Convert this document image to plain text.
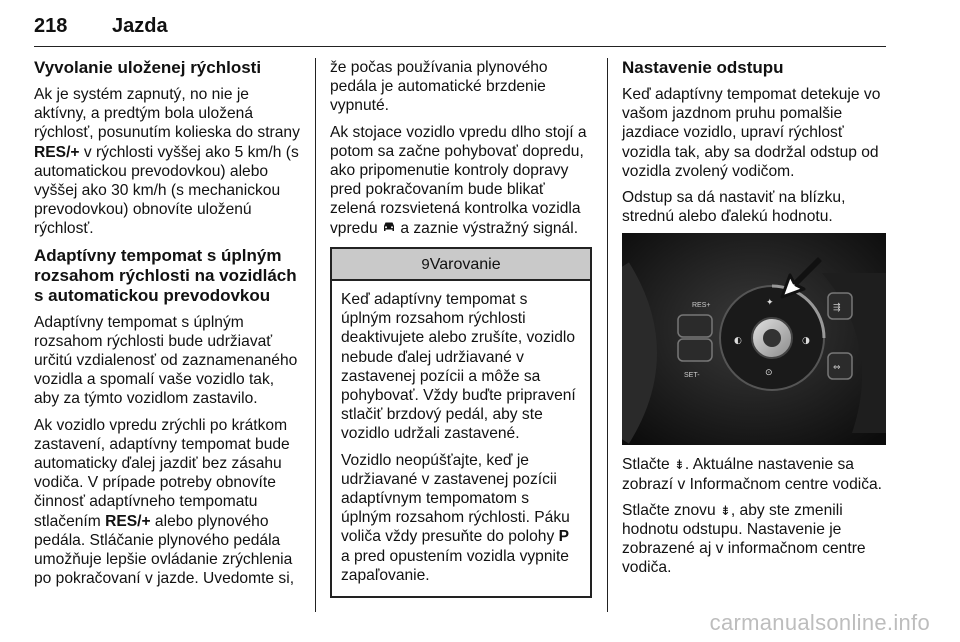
218 Jazda
Vyvolanie uloženej rýchlosti

Ak je systém zapnutý, no nie je aktívny, a predtým bola uložená rýchlosť, posunutím kolieska do strany RES/+ v rýchlosti vyššej ako 5 km/h (s automatickou prevodovkou) alebo vyššej ako 30 km/h (s mechanickou prevodovkou) obnovíte uloženú rýchlosť.

Adaptívny tempomat s úplným rozsahom rýchlosti na vozidlách s automatickou prevodovkou

Adaptívny tempomat s úplným rozsahom rýchlosti bude udržiavať určitú vzdialenosť od zaznamenaného vozidla a spomalí vaše vozidlo tak, aby za týmto vozidlom zastavilo.

Ak vozidlo vpredu zrýchli po krátkom zastavení, adaptívny tempomat bude automaticky ďalej jazdiť bez zásahu vodiča. V prípade potreby obnovíte činnosť adaptívneho tempomatu stlačením RES/+ alebo plynového pedála. Stláčanie plynového pedála umožňuje lepšie ovládanie zrýchlenia po pokračovaní v jazde. Uvedomte si,

že počas používania plynového pedála je automatické brzdenie vypnuté.

Ak stojace vozidlo vpredu dlho stojí a potom sa začne pohybovať dopredu, ako pripomenutie kontroly dopravy pred pokračovaním bude blikať zelená rozsvietená kontrolka vozidla vpredu  a zaznie výstražný signál.

9Varovanie

Keď adaptívny tempomat s úplným rozsahom rýchlosti deaktivujete alebo zrušíte, vozidlo nebude ďalej udržiavané v zastavenej pozícii a môže sa pohybovať. Vždy buďte pripravení stlačiť brzdový pedál, aby ste vozidlo udržali zastavené.

Vozidlo neopúšťajte, keď je udržiavané v zastavenej pozícii adaptívnym tempomatom s úplným rozsahom rýchlosti. Páku voliča vždy presuňte do polohy P a pred opustením vozidla vypnite zapaľovanie.

Nastavenie odstupu

Keď adaptívny tempomat detekuje vo vašom jazdnom pruhu pomalšie jazdiace vozidlo, upraví rýchlosť vozidla tak, aby sa dodržal odstup od vozidla zvolený vodičom.

Odstup sa dá nastaviť na blízku, strednú alebo ďalekú hodnotu.

RES+
SET-
✦
◐	◑
⊙
⇶
⇔

Stlačte ⇟. Aktuálne nastavenie sa zobrazí v Informačnom centre vodiča.

Stlačte znovu ⇟, aby ste zmenili hodnotu odstupu. Nastavenie je zobrazené aj v informačnom centre vodiča.

carmanualsonline.info
